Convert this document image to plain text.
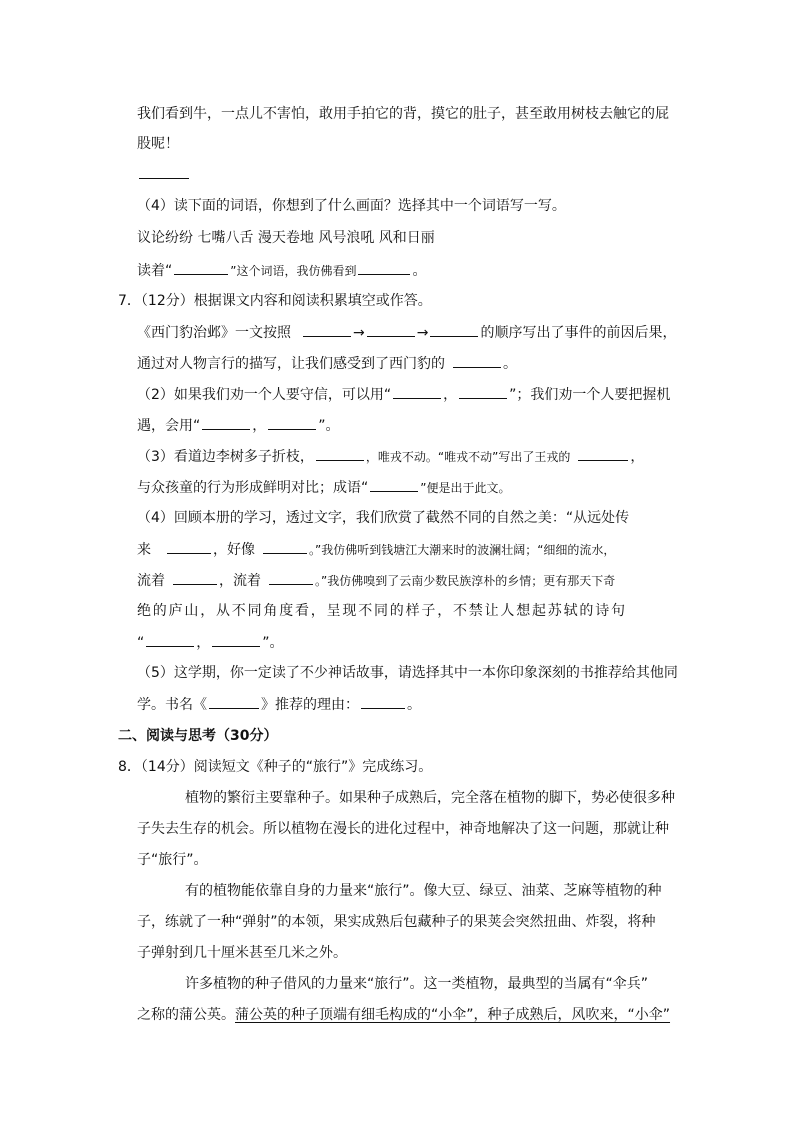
我们看到牛，一点儿不害怕，敢用手拍它的背，摸它的肚子，甚至敢用树枝去触它的屁
股呢！
（4）读下面的词语，你想到了什么画面？选择其中一个词语写一写。
议论纷纷 七嘴八舌 漫天卷地 风号浪吼 风和日丽
读着“	”这个词语，我仿佛看到	。
7．（12分）根据课文内容和阅读积累填空或作答。
《西门豹治邺》一文按照	→	→	的顺序写出了事件的前因后果，
通过对人物言行的描写，让我们感受到了西门豹的	。
（2）如果我们劝一个人要守信，可以用“	，	”；我们劝一个人要把握机
遇，会用“	，	”。
（3）看道边李树多子折枝，	，唯戎不动。“唯戎不动”写出了王戎的	，
与众孩童的行为形成鲜明对比；成语“	”便是出于此文。
（4）回顾本册的学习，透过文字，我们欣赏了截然不同的自然之美：“从远处传
来	，好像	。”我仿佛听到钱塘江大潮来时的波澜壮阔；“细细的流水，
流着	，流着	。”我仿佛嗅到了云南少数民族淳朴的乡情；更有那天下奇
绝的庐山，从不同角度看，呈现不同的样子，不禁让人想起苏轼的诗句
“	，	”。
（5）这学期，你一定读了不少神话故事，请选择其中一本你印象深刻的书推荐给其他同
学。书名《	》推荐的理由：	。
二、阅读与思考（30分）
8．（14分）阅读短文《种子的“旅行”》完成练习。
植物的繁衍主要靠种子。如果种子成熟后，完全落在植物的脚下，势必使很多种
子失去生存的机会。所以植物在漫长的进化过程中，神奇地解决了这一问题，那就让种
子“旅行”。
有的植物能依靠自身的力量来“旅行”。像大豆、绿豆、油菜、芝麻等植物的种
子，练就了一种“弹射”的本领，果实成熟后包藏种子的果荚会突然扭曲、炸裂，将种
子弹射到几十厘米甚至几米之外。
许多植物的种子借风的力量来“旅行”。这一类植物，最典型的当属有“伞兵”
之称的蒲公英。蒲公英的种子顶端有细毛构成的“小伞”，种子成熟后，风吹来，“小伞”
